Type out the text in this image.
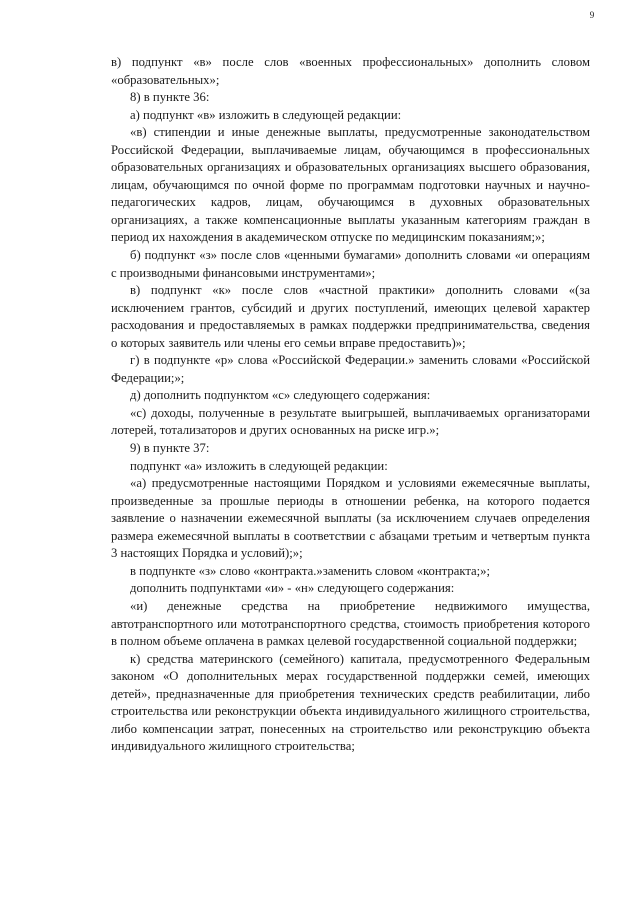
9

в) подпункт «в» после слов «военных профессиональных» дополнить словом «образовательных»;

8) в пункте 36:

а) подпункт «в» изложить в следующей редакции:

«в) стипендии и иные денежные выплаты, предусмотренные законодательством Российской Федерации, выплачиваемые лицам, обучающимся в профессиональных образовательных организациях и образовательных организациях высшего образования, лицам, обучающимся по очной форме по программам подготовки научных и научно-педагогических кадров, лицам, обучающимся в духовных образовательных организациях, а также компенсационные выплаты указанным категориям граждан в период их нахождения в академическом отпуске по медицинским показаниям;»;

б) подпункт «з» после слов «ценными бумагами» дополнить словами «и операциям с производными финансовыми инструментами»;

в) подпункт «к» после слов «частной практики» дополнить словами «(за исключением грантов, субсидий и других поступлений, имеющих целевой характер расходования и предоставляемых в рамках поддержки предпринимательства, сведения о которых заявитель или члены его семьи вправе предоставить)»;

г) в подпункте «р» слова «Российской Федерации.» заменить словами «Российской Федерации;»;

д) дополнить подпунктом «с» следующего содержания:

«с) доходы, полученные в результате выигрышей, выплачиваемых организаторами лотерей, тотализаторов и других основанных на риске игр.»;

9) в пункте 37:

подпункт «а» изложить в следующей редакции:

«а) предусмотренные настоящими Порядком и условиями ежемесячные выплаты, произведенные за прошлые периоды в отношении ребенка, на которого подается заявление о назначении ежемесячной выплаты (за исключением случаев определения размера ежемесячной выплаты в соответствии с абзацами третьим и четвертым пункта 3 настоящих Порядка и условий);»;

в подпункте «з» слово «контракта.»заменить словом «контракта;»;

дополнить подпунктами «и» - «н» следующего содержания:

«и) денежные средства на приобретение недвижимого имущества, автотранспортного или мототранспортного средства, стоимость приобретения которого в полном объеме оплачена в рамках целевой государственной социальной поддержки;

к) средства материнского (семейного) капитала, предусмотренного Федеральным законом «О дополнительных мерах государственной поддержки семей, имеющих детей», предназначенные для приобретения технических средств реабилитации, либо строительства или реконструкции объекта индивидуального жилищного строительства, либо компенсации затрат, понесенных на строительство или реконструкцию объекта индивидуального жилищного строительства;
